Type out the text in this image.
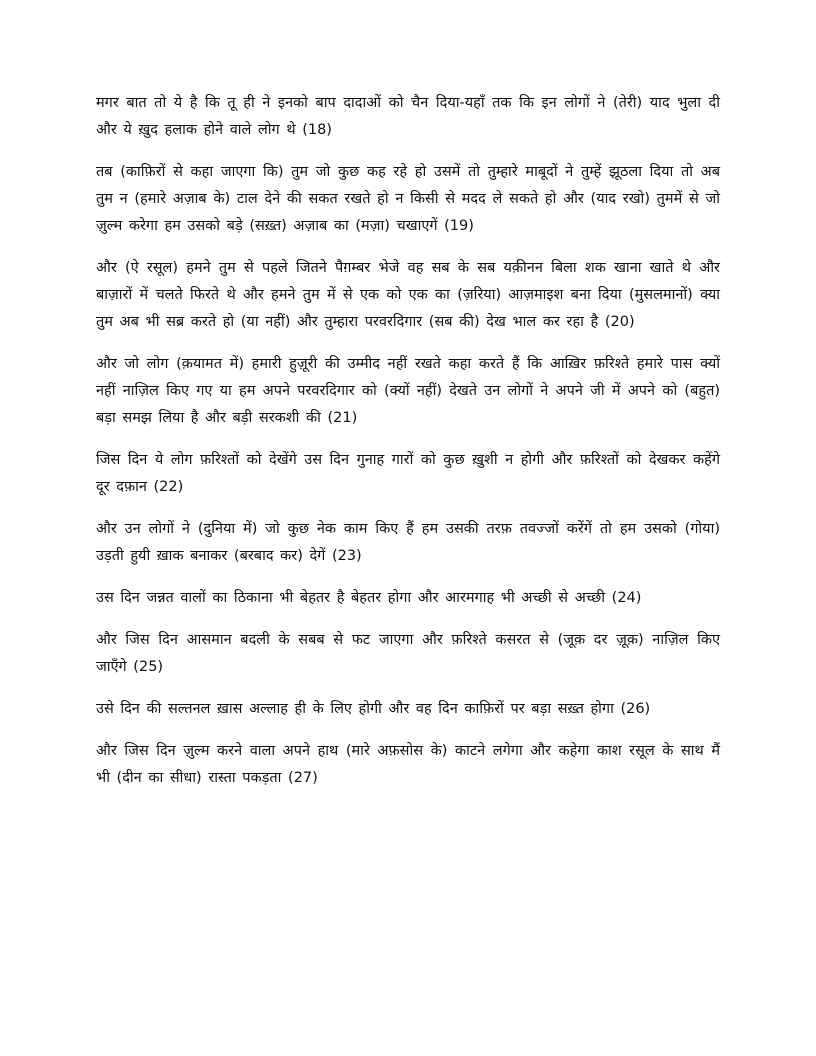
मगर बात तो ये है कि तू ही ने इनको बाप दादाओं को चैन दिया-यहाँ तक कि इन लोगों ने (तेरी) याद भुला दी और ये ख़ुद हलाक होने वाले लोग थे (18)

तब (काफ़िरों से कहा जाएगा कि) तुम जो कुछ कह रहे हो उसमें तो तुम्हारे माबूदों ने तुम्हें झूठला दिया तो अब तुम न (हमारे अज़ाब के) टाल देने की सकत रखते हो न किसी से मदद ले सकते हो और (याद रखो) तुममें से जो ज़ुल्म करेगा हम उसको बड़े (सख़्त) अज़ाब का (मज़ा) चखाएगें (19)

और (ऐ रसूल) हमने तुम से पहले जितने पैग़म्बर भेजे वह सब के सब यक़ीनन बिला शक खाना खाते थे और बाज़ारों में चलते फिरते थे और हमने तुम में से एक को एक का (ज़रिया) आज़माइश बना दिया (मुसलमानों) क्या तुम अब भी सब्र करते हो (या नहीं) और तुम्हारा परवरदिगार (सब की) देख भाल कर रहा है (20)

और जो लोग (क़यामत में) हमारी हुज़ूरी की उम्मीद नहीं रखते कहा करते हैं कि आख़िर फ़रिश्ते हमारे पास क्यों नहीं नाज़िल किए गए या हम अपने परवरदिगार को (क्यों नहीं) देखते उन लोगों ने अपने जी में अपने को (बहुत) बड़ा समझ लिया है और बड़ी सरकशी की (21)

जिस दिन ये लोग फ़रिश्तों को देखेंगे उस दिन गुनाह गारों को कुछ ख़ुशी न होगी और फ़रिश्तों को देखकर कहेंगे दूर दफ़ान (22)

और उन लोगों ने (दुनिया में) जो कुछ नेक काम किए हैं हम उसकी तरफ़ तवज्जों करेंगें तो हम उसको (गोया) उड़ती हुयी ख़ाक बनाकर (बरबाद कर) देगें (23)

उस दिन जन्नत वालों का ठिकाना भी बेहतर है बेहतर होगा और आरमगाह भी अच्छी से अच्छी (24)

और जिस दिन आसमान बदली के सबब से फट जाएगा और फ़रिश्ते कसरत से (जूक़ दर ज़ूक़) नाज़िल किए जाएँगे (25)

उसे दिन की सल्तनल ख़ास अल्लाह ही के लिए होगी और वह दिन काफ़िरों पर बड़ा सख़्त होगा (26)

और जिस दिन ज़ुल्म करने वाला अपने हाथ (मारे अफ़सोस के) काटने लगेगा और कहेगा काश रसूल के साथ मैं भी (दीन का सीधा) रास्ता पकड़ता (27)
